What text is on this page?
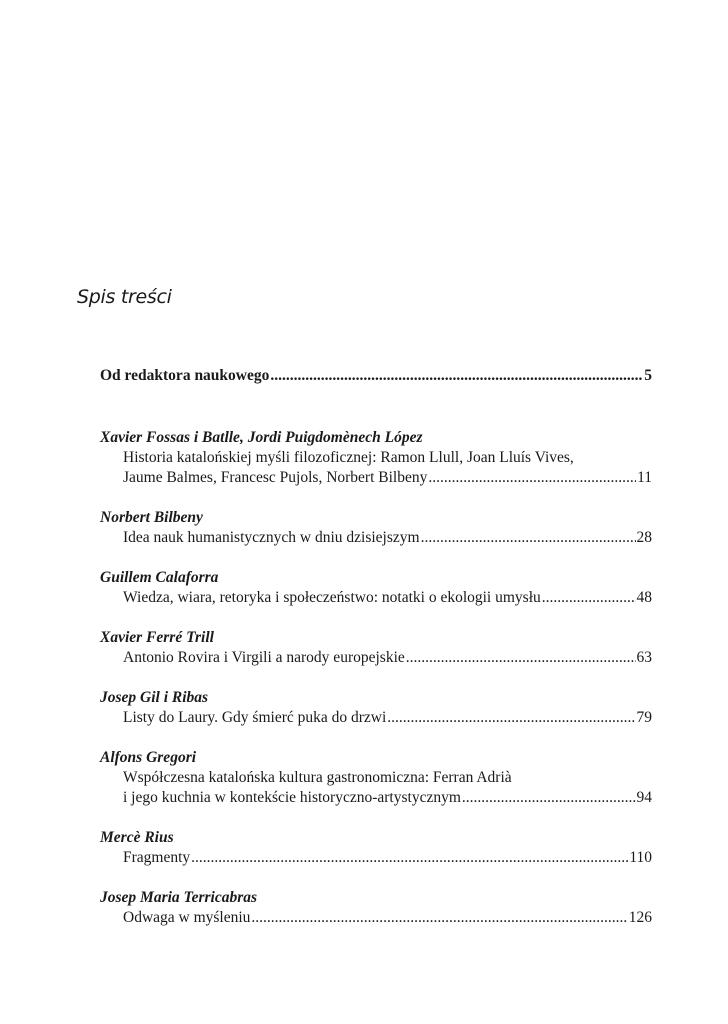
Spis treści
Od redaktora naukowego .....	5
Xavier Fossas i Batlle, Jordi Puigdomènech López
Historia katalońskiej myśli filozoficznej: Ramon Llull, Joan Lluís Vives,
Jaume Balmes, Francesc Pujols, Norbert Bilbeny .....	11
Norbert Bilbeny
Idea nauk humanistycznych w dniu dzisiejszym .....	28
Guillem Calaforra
Wiedza, wiara, retoryka i społeczeństwo: notatki o ekologii umysłu .....	48
Xavier Ferré Trill
Antonio Rovira i Virgili a narody europejskie .....	63
Josep Gil i Ribas
Listy do Laury. Gdy śmierć puka do drzwi .....	79
Alfons Gregori
Współczesna katalońska kultura gastronomiczna: Ferran Adrià
i jego kuchnia w kontekście historyczno-artystycznym .....	94
Mercè Rius
Fragmenty .....	110
Josep Maria Terricabras
Odwaga w myśleniu .....	126
